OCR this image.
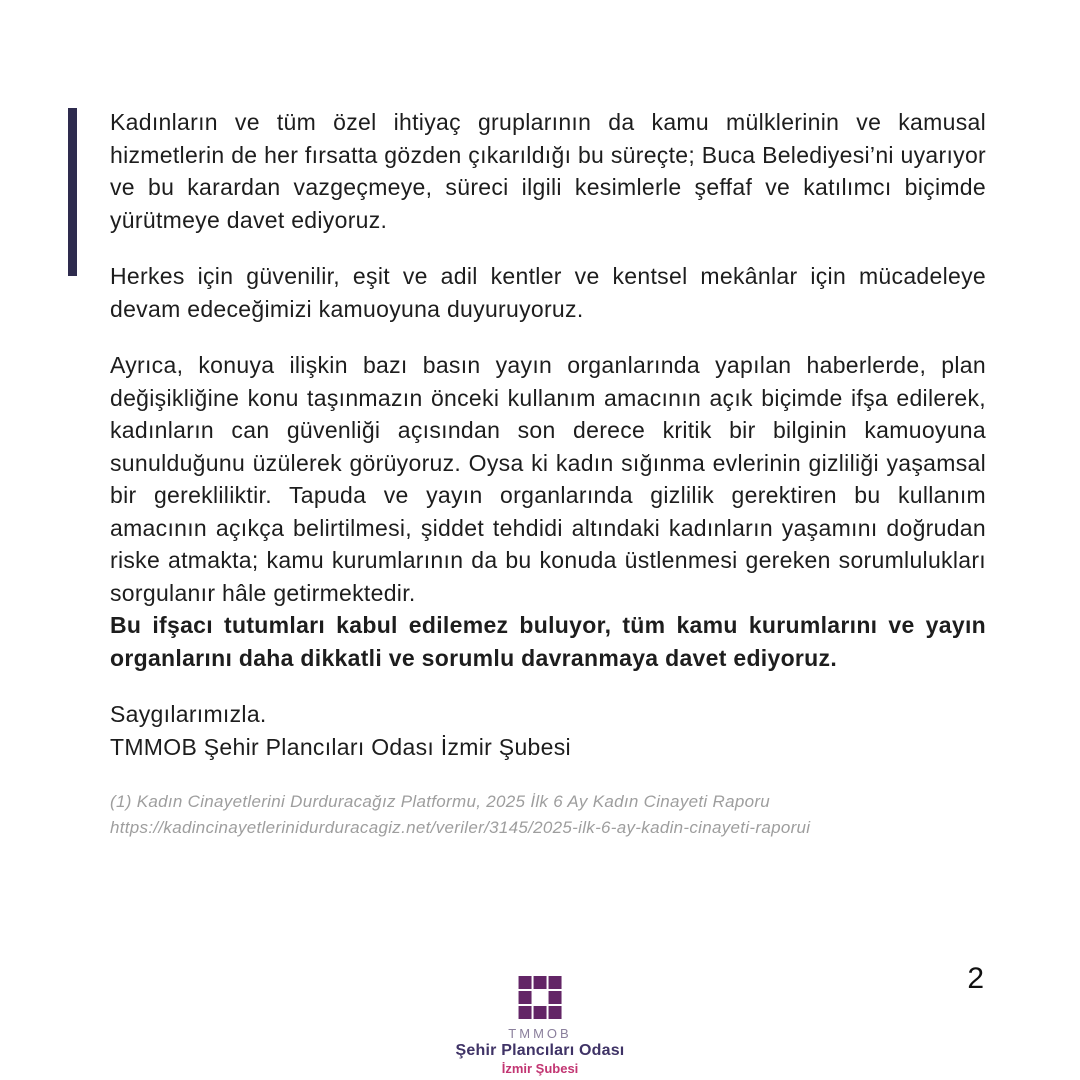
Kadınların ve tüm özel ihtiyaç gruplarının da kamu mülklerinin ve kamusal hizmetlerin de her fırsatta gözden çıkarıldığı bu süreçte; Buca Belediyesi’ni uyarıyor ve bu karardan vazgeçmeye, süreci ilgili kesimlerle şeffaf ve katılımcı biçimde yürütmeye davet ediyoruz.

Herkes için güvenilir, eşit ve adil kentler ve kentsel mekânlar için mücadeleye devam edeceğimizi kamuoyuna duyuruyoruz.

Ayrıca, konuya ilişkin bazı basın yayın organlarında yapılan haberlerde, plan değişikliğine konu taşınmazın önceki kullanım amacının açık biçimde ifşa edilerek, kadınların can güvenliği açısından son derece kritik bir bilginin kamuoyuna sunulduğunu üzülerek görüyoruz. Oysa ki kadın sığınma evlerinin gizliliği yaşamsal bir gerekliliktir. Tapuda ve yayın organlarında gizlilik gerektiren bu kullanım amacının açıkça belirtilmesi, şiddet tehdidi altındaki kadınların yaşamını doğrudan riske atmakta; kamu kurumlarının da bu konuda üstlenmesi gereken sorumlulukları sorgulanır hâle getirmektedir.

Bu ifşacı tutumları kabul edilemez buluyor, tüm kamu kurumlarını ve yayın organlarını daha dikkatli ve sorumlu davranmaya davet ediyoruz.

Saygılarımızla.
TMMOB Şehir Plancıları Odası İzmir Şubesi
(1) Kadın Cinayetlerini Durduracağız Platformu, 2025 İlk 6 Ay Kadın Cinayeti Raporu
https://kadincinayetlerinidurduracagiz.net/veriler/3145/2025-ilk-6-ay-kadin-cinayeti-raporui
2
TMMOB
Şehir Plancıları Odası
İzmir Şubesi
